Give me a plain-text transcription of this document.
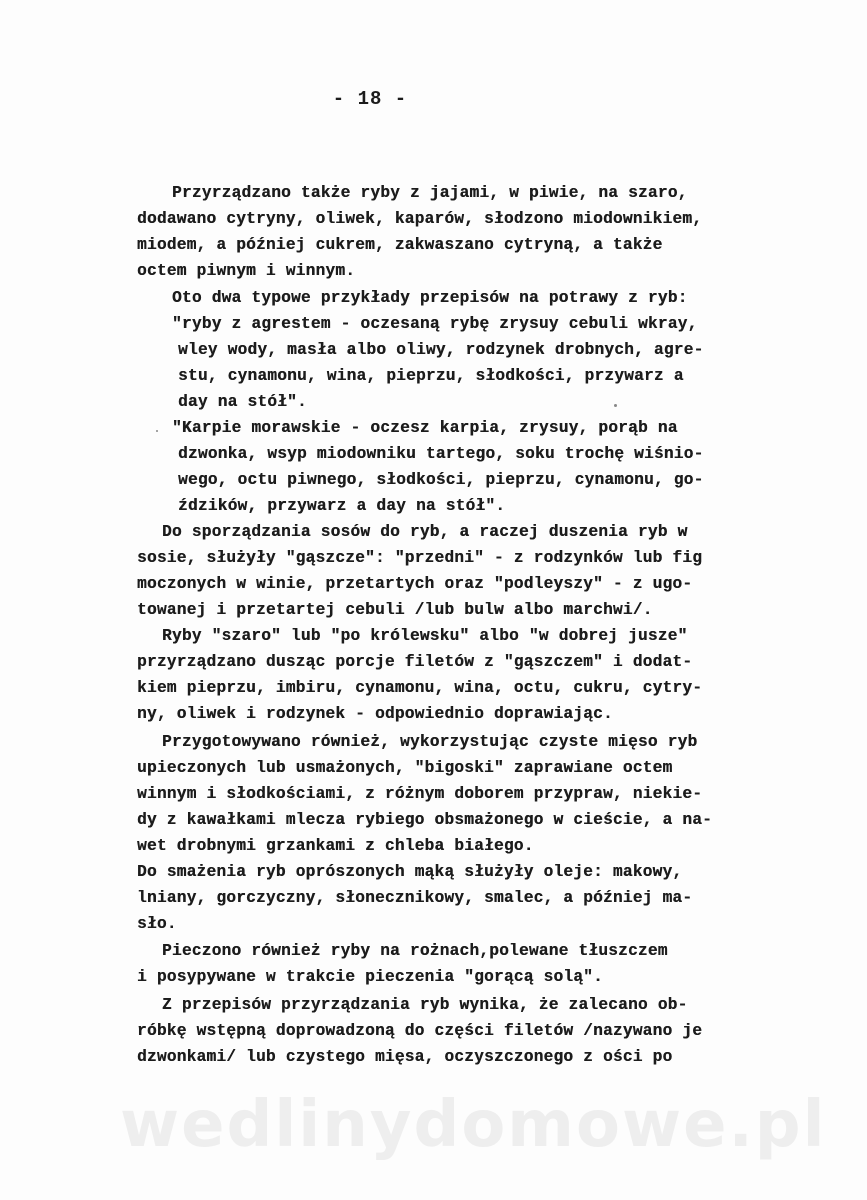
- 18 -
Przyrządzano także ryby z jajami, w piwie, na szaro,
dodawano cytryny, oliwek, kaparów, słodzono miodownikiem,
miodem, a później cukrem, zakwaszano cytryną, a także
octem piwnym i winnym.
Oto dwa typowe przykłady przepisów na potrawy z ryb:
"ryby z agrestem - oczesaną rybę zrysuy cebuli wkray,
wley wody, masła albo oliwy, rodzynek drobnych, agre-
stu, cynamonu, wina, pieprzu, słodkości, przywarz a
day na stół".
"Karpie morawskie - oczesz karpia, zrysuy, porąb na
dzwonka, wsyp miodowniku tartego, soku trochę wiśnio-
wego, octu piwnego, słodkości, pieprzu, cynamonu, go-
ździków, przywarz a day na stół".
Do sporządzania sosów do ryb, a raczej duszenia ryb w
sosie, służyły "gąszcze": "przedni" - z rodzynków lub fig
moczonych w winie, przetartych oraz "podleyszy" - z ugo-
towanej i przetartej cebuli /lub bulw albo marchwi/.
Ryby "szaro" lub "po królewsku" albo "w dobrej jusze"
przyrządzano dusząc porcje filetów z "gąszczem" i dodat-
kiem pieprzu, imbiru, cynamonu, wina, octu, cukru, cytry-
ny, oliwek i rodzynek - odpowiednio doprawiając.
Przygotowywano również, wykorzystując czyste mięso ryb
upieczonych lub usmażonych, "bigoski" zaprawiane octem
winnym i słodkościami, z różnym doborem przypraw, niekie-
dy z kawałkami mlecza rybiego obsmażonego w cieście, a na-
wet drobnymi grzankami z chleba białego.
Do smażenia ryb oprószonych mąką służyły oleje: makowy,
lniany, gorczyczny, słonecznikowy, smalec, a później ma-
sło.
Pieczono również ryby na rożnach,polewane tłuszczem
i posypywane w trakcie pieczenia "gorącą solą".
Z przepisów przyrządzania ryb wynika, że zalecano ob-
róbkę wstępną doprowadzoną do części filetów /nazywano je
dzwonkami/ lub czystego mięsa, oczyszczonego z ości po
wedlinydomowe.pl
